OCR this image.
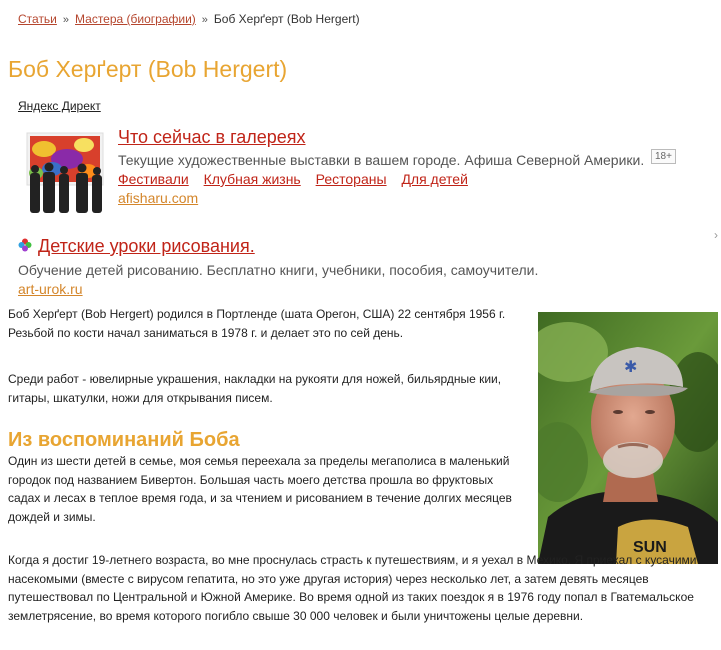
Статьи » Мастера (биографии) » Боб Херґерт (Bob Hergert)
Боб Херґерт (Bob Hergert)
Яндекс Директ
Что сейчас в галереях
Текущие художественные выставки в вашем городе. Афиша Северной Америки.	18+
Фестивали Клубная жизнь Рестораны Для детей
afisharu.com
›
Детские уроки рисования.
Обучение детей рисованию. Бесплатно книги, учебники, пособия, самоучители.
art-urok.ru
SUN
✱

Боб Херґерт (Bob Hergert) родился в Портленде (шата Орегон, США) 22 сентября 1956 г. Резьбой по кости начал заниматься в 1978 г. и делает это по сей день.

Среди работ - ювелирные украшения, накладки на рукояти для ножей, бильярдные кии, гитары, шкатулки, ножи для открывания писем.

Из воспоминаний Боба

Один из шести детей в семье, моя семья переехала за пределы мегаполиса в маленький городок под названием Бивертон. Большая часть моего детства прошла во фруктовых садах и лесах в теплое время года, и за чтением и рисованием в течение долгих месяцев дождей и зимы.

Когда я достиг 19-летнего возраста, во мне проснулась страсть к путешествиям, и я уехал в Мехико. Я приехал с кусачими насекомыми (вместе с вирусом гепатита, но это уже другая история) через несколько лет, а затем девять месяцев путешествовал по Центральной и Южной Америке. Во время одной из таких поездок я в 1976 году попал в Гватемальское землетрясение, во время которого погибло свыше 30 000 человек и были уничтожены целые деревни.
